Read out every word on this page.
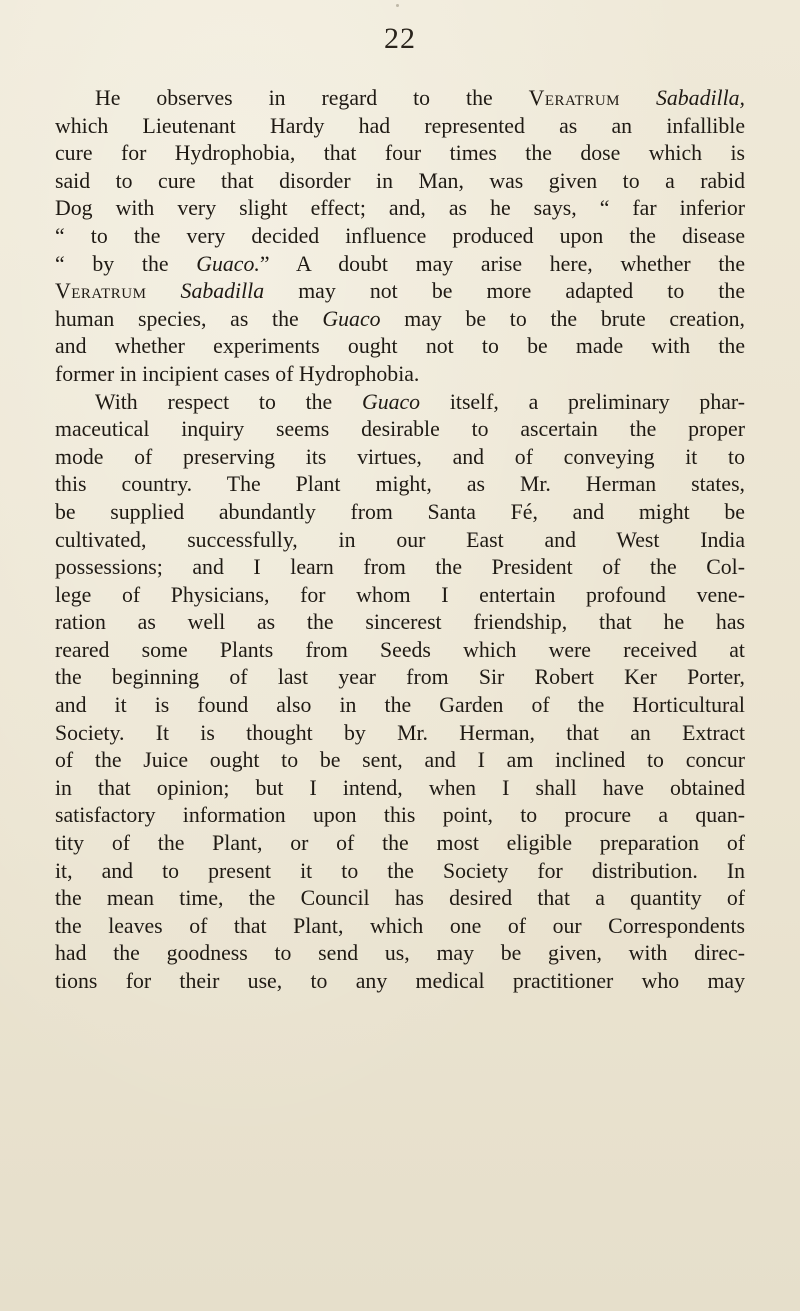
22
He observes in regard to the Veratrum Sabadilla,
which Lieutenant Hardy had represented as an infallible
cure for Hydrophobia, that four times the dose which is
said to cure that disorder in Man, was given to a rabid
Dog with very slight effect; and, as he says, “ far inferior
“ to the very decided influence produced upon the disease
“ by the Guaco.” A doubt may arise here, whether the
Veratrum Sabadilla may not be more adapted to the
human species, as the Guaco may be to the brute creation,
and whether experiments ought not to be made with the
former in incipient cases of Hydrophobia.
With respect to the Guaco itself, a preliminary phar-
maceutical inquiry seems desirable to ascertain the proper
mode of preserving its virtues, and of conveying it to
this country. The Plant might, as Mr. Herman states,
be supplied abundantly from Santa Fé, and might be
cultivated, successfully, in our East and West India
possessions; and I learn from the President of the Col-
lege of Physicians, for whom I entertain profound vene-
ration as well as the sincerest friendship, that he has
reared some Plants from Seeds which were received at
the beginning of last year from Sir Robert Ker Porter,
and it is found also in the Garden of the Horticultural
Society. It is thought by Mr. Herman, that an Extract
of the Juice ought to be sent, and I am inclined to concur
in that opinion; but I intend, when I shall have obtained
satisfactory information upon this point, to procure a quan-
tity of the Plant, or of the most eligible preparation of
it, and to present it to the Society for distribution. In
the mean time, the Council has desired that a quantity of
the leaves of that Plant, which one of our Correspondents
had the goodness to send us, may be given, with direc-
tions for their use, to any medical practitioner who may
